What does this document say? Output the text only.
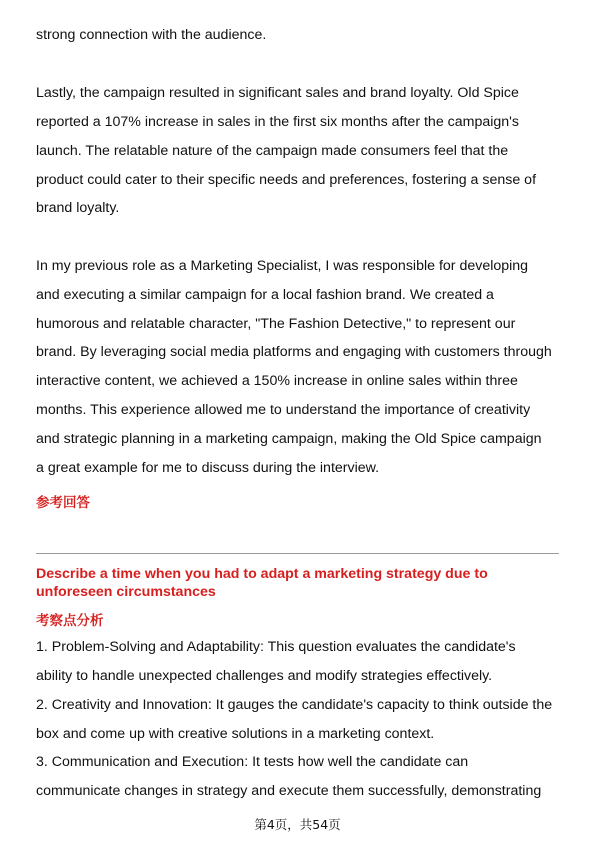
strong connection with the audience.
Lastly, the campaign resulted in significant sales and brand loyalty. Old Spice
reported a 107% increase in sales in the first six months after the campaign's
launch. The relatable nature of the campaign made consumers feel that the
product could cater to their specific needs and preferences, fostering a sense of
brand loyalty.
In my previous role as a Marketing Specialist, I was responsible for developing
and executing a similar campaign for a local fashion brand. We created a
humorous and relatable character, "The Fashion Detective," to represent our
brand. By leveraging social media platforms and engaging with customers through
interactive content, we achieved a 150% increase in online sales within three
months. This experience allowed me to understand the importance of creativity
and strategic planning in a marketing campaign, making the Old Spice campaign
a great example for me to discuss during the interview.
参考回答
Describe a time when you had to adapt a marketing strategy due to
unforeseen circumstances
考察点分析
1. Problem-Solving and Adaptability: This question evaluates the candidate's
ability to handle unexpected challenges and modify strategies effectively.
2. Creativity and Innovation: It gauges the candidate's capacity to think outside the
box and come up with creative solutions in a marketing context.
3. Communication and Execution: It tests how well the candidate can
communicate changes in strategy and execute them successfully, demonstrating
第4页，共54页
